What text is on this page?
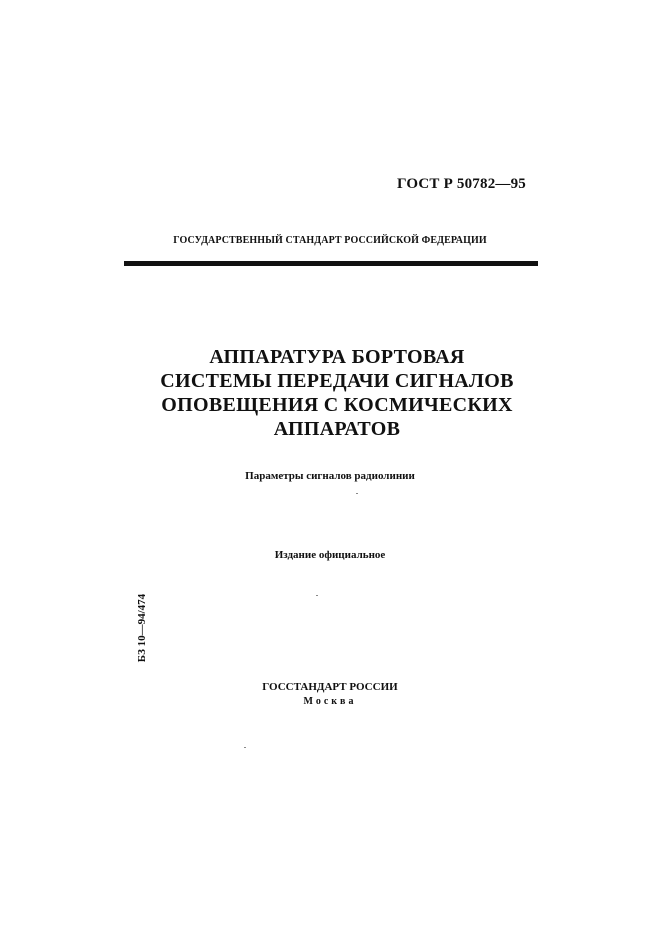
ГОСТ Р 50782—95
ГОСУДАРСТВЕННЫЙ СТАНДАРТ РОССИЙСКОЙ ФЕДЕРАЦИИ
АППАРАТУРА БОРТОВАЯ
СИСТЕМЫ ПЕРЕДАЧИ СИГНАЛОВ
ОПОВЕЩЕНИЯ С КОСМИЧЕСКИХ
АППАРАТОВ
Параметры сигналов радиолинии
Издание официальное
БЗ 10—94/474
ГОССТАНДАРТ РОССИИ
Москва
